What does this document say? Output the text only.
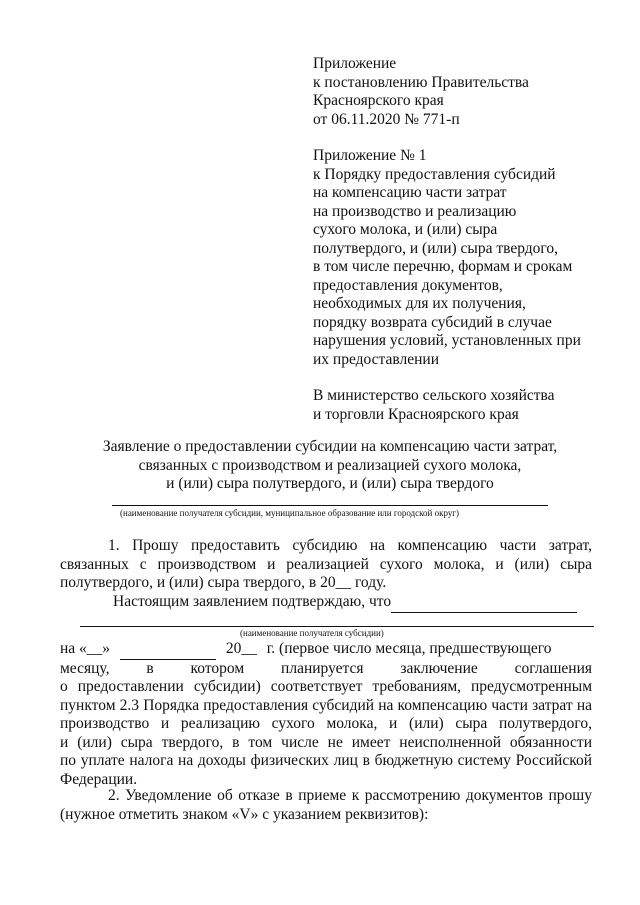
Приложение
к постановлению Правительства
Красноярского края
от 06.11.2020 № 771-п
Приложение № 1
к Порядку предоставления субсидий
на компенсацию части затрат
на производство и реализацию
сухого молока, и (или) сыра
полутвердого, и (или) сыра твердого,
в том числе перечню, формам и срокам
предоставления документов,
необходимых для их получения,
порядку возврата субсидий в случае
нарушения условий, установленных при
их предоставлении
В министерство сельского хозяйства
и торговли Красноярского края
Заявление о предоставлении субсидии на компенсацию части затрат,
связанных с производством и реализацией сухого молока,
и (или) сыра полутвердого, и (или) сыра твердого
(наименование получателя субсидии, муниципальное образование или городской округ)
1. Прошу предоставить субсидию на компенсацию части затрат,
связанных с производством и реализацией сухого молока, и (или) сыра
полутвердого, и (или) сыра твердого, в 20__ году.
Настоящим заявлением подтверждаю, что
(наименование получателя субсидии)
на «__»	20__ г. (первое число месяца, предшествующего
месяцу, в котором планируется заключение соглашения
о предоставлении субсидии) соответствует требованиям, предусмотренным
пунктом 2.3 Порядка предоставления субсидий на компенсацию части затрат на
производство и реализацию сухого молока, и (или) сыра полутвердого,
и (или) сыра твердого, в том числе не имеет неисполненной обязанности
по уплате налога на доходы физических лиц в бюджетную систему Российской
Федерации.
2. Уведомление об отказе в приеме к рассмотрению документов прошу
(нужное отметить знаком «V» с указанием реквизитов):
